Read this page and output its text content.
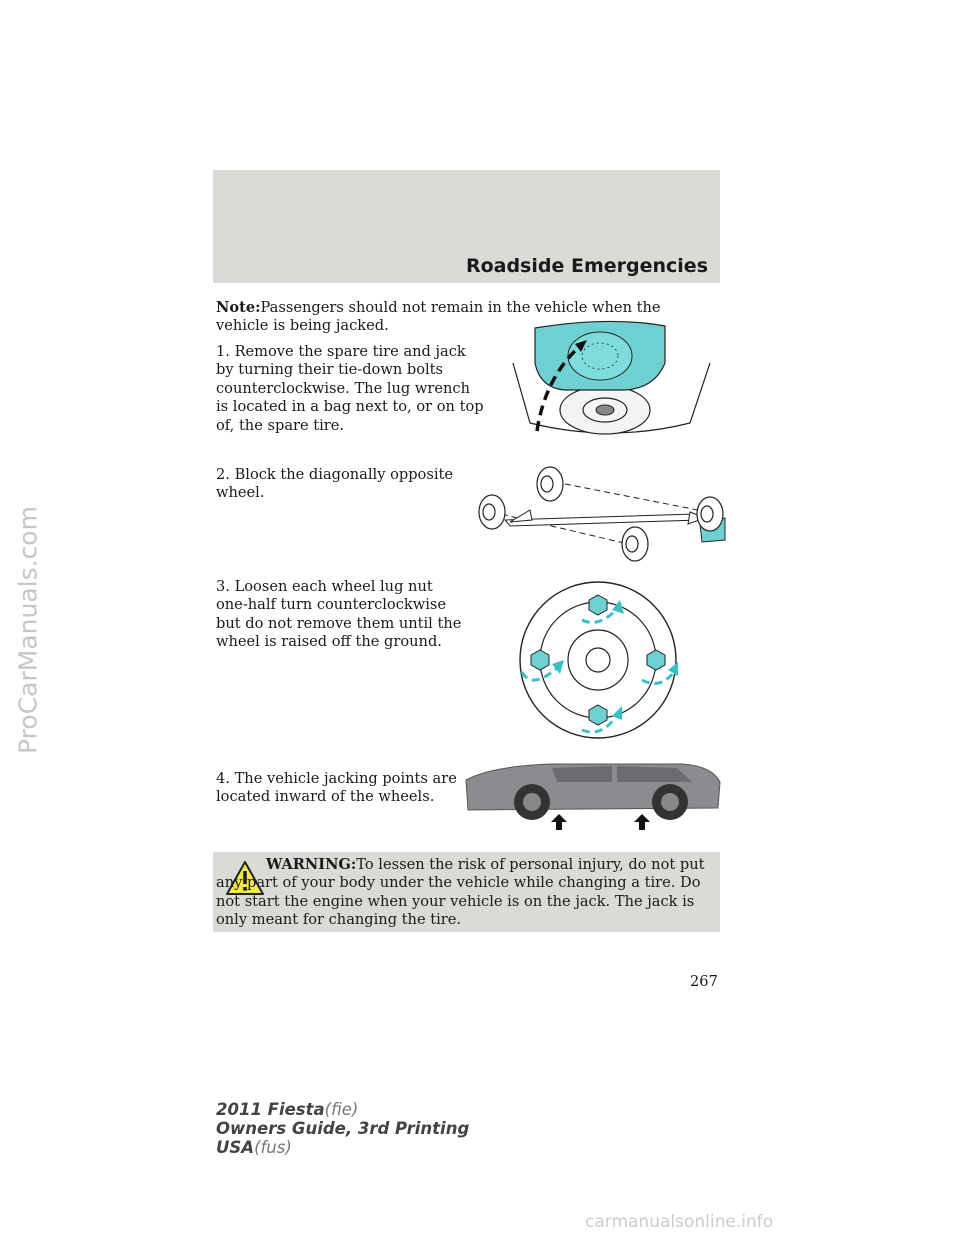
Roadside Emergencies
Note:Passengers should not remain in the vehicle when the vehicle is being jacked.
1. Remove the spare tire and jack by turning their tie-down bolts counterclockwise. The lug wrench is located in a bag next to, or on top of, the spare tire.
2. Block the diagonally opposite wheel.
3. Loosen each wheel lug nut one-half turn counterclockwise but do not remove them until the wheel is raised off the ground.
4. The vehicle jacking points are located inward of the wheels.
WARNING:To lessen the risk of personal injury, do not put any part of your body under the vehicle while changing a tire. Do not start the engine when your vehicle is on the jack. The jack is only meant for changing the tire.
267
2011 Fiesta(fie)
Owners Guide, 3rd Printing
USA(fus)
ProCarManuals.com
carmanualsonline.info
